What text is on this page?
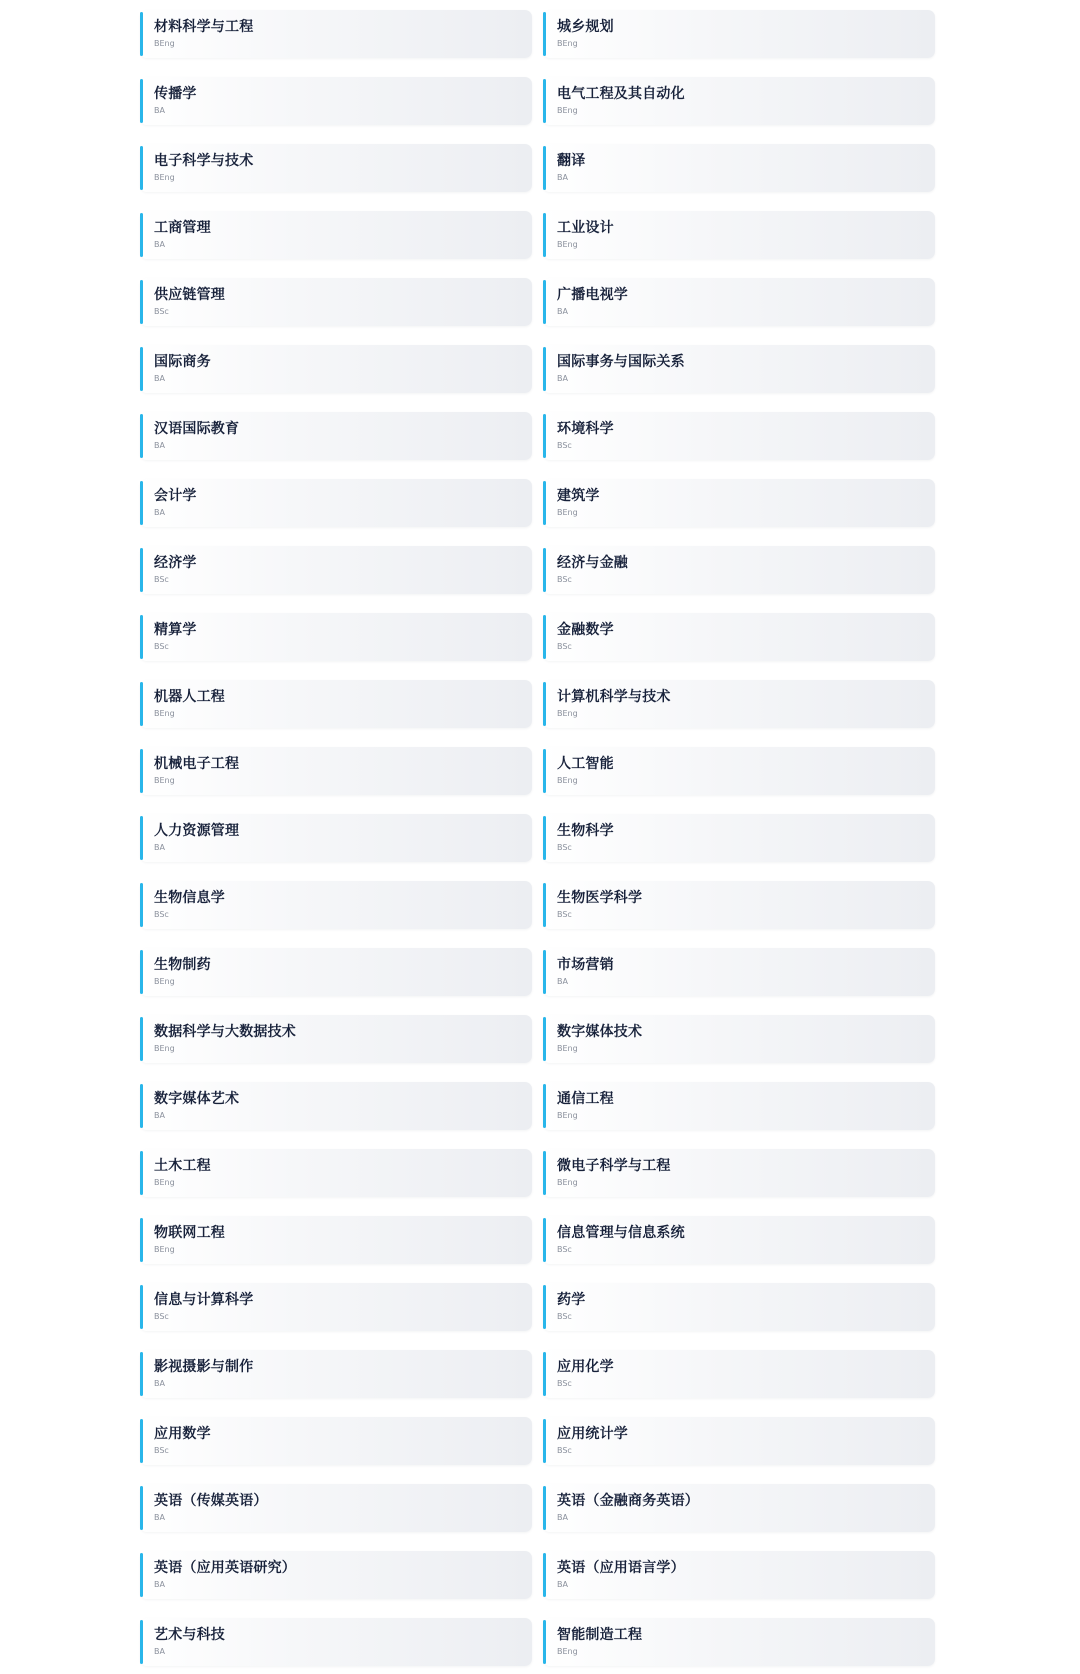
材料科学与工程
BEng
城乡规划
BEng
传播学
BA
电气工程及其自动化
BEng
电子科学与技术
BEng
翻译
BA
工商管理
BA
工业设计
BEng
供应链管理
BSc
广播电视学
BA
国际商务
BA
国际事务与国际关系
BA
汉语国际教育
BA
环境科学
BSc
会计学
BA
建筑学
BEng
经济学
BSc
经济与金融
BSc
精算学
BSc
金融数学
BSc
机器人工程
BEng
计算机科学与技术
BEng
机械电子工程
BEng
人工智能
BEng
人力资源管理
BA
生物科学
BSc
生物信息学
BSc
生物医学科学
BSc
生物制药
BEng
市场营销
BA
数据科学与大数据技术
BEng
数字媒体技术
BEng
数字媒体艺术
BA
通信工程
BEng
土木工程
BEng
微电子科学与工程
BEng
物联网工程
BEng
信息管理与信息系统
BSc
信息与计算科学
BSc
药学
BSc
影视摄影与制作
BA
应用化学
BSc
应用数学
BSc
应用统计学
BSc
英语（传媒英语）
BA
英语（金融商务英语）
BA
英语（应用英语研究）
BA
英语（应用语言学）
BA
艺术与科技
BA
智能制造工程
BEng
